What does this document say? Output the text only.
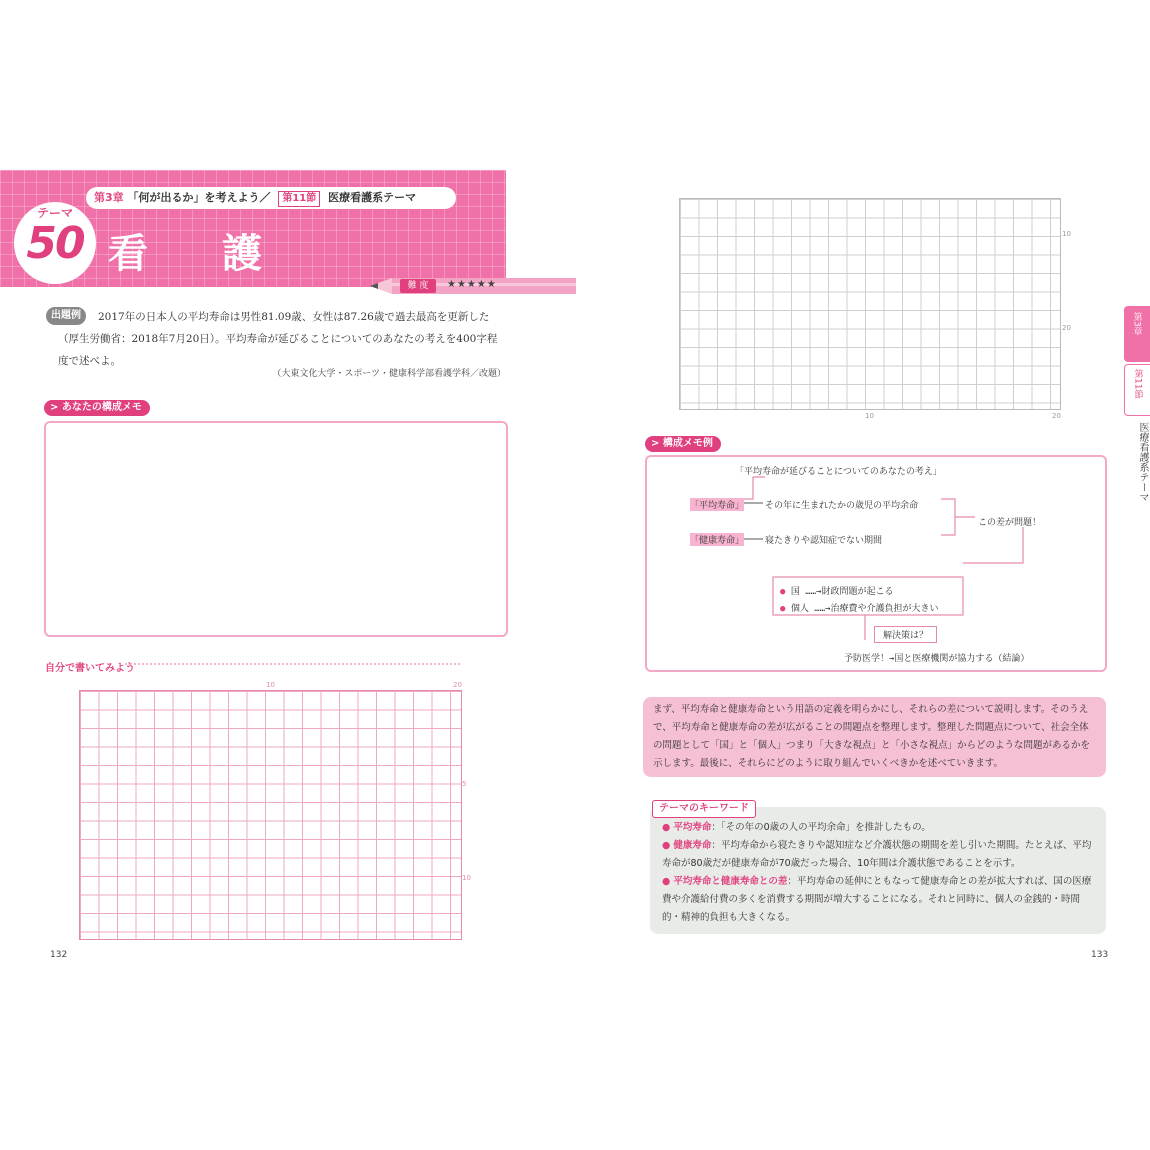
第3章 「何が出るか」を考えよう／ 第11節 医療看護系テーマ
テーマ
50 看 護
難 度	★★★★★
2017年の日本人の平均寿命は男性81.09歳、女性は87.26歳で過去最高を更新した（厚生労働省：2018年7月20日）。平均寿命が延びることについてのあなたの考えを400字程度で述べよ。
出題例
（大東文化大学・スポーツ・健康科学部看護学科／改題）
> あなたの構成メモ
自分で書いてみよう
10	20
5
10
132
10
20
10	20
第3章
第11節
医療看護系テーマ
> 構成メモ例
「平均寿命が延びることについてのあなたの考え」
「平均寿命」 その年に生まれたかの歳児の平均余命
「健康寿命」 寝たきりや認知症でない期間
この差が問題！
● 国 ……→財政問題が起こる
● 個人 ……→治療費や介護負担が大きい
解決策は？
予防医学！→国と医療機関が協力する（結論）
まず、平均寿命と健康寿命という用語の定義を明らかにし、それらの差について説明します。そのうえで、平均寿命と健康寿命の差が広がることの問題点を整理します。整理した問題点について、社会全体の問題として「国」と「個人」つまり「大きな視点」と「小さな視点」からどのような問題があるかを示します。最後に、それらにどのように取り組んでいくべきかを述べていきます。
● 平均寿命：「その年の0歳の人の平均余命」を推計したもの。
● 健康寿命：平均寿命から寝たきりや認知症など介護状態の期間を差し引いた期間。たとえば、平均寿命が80歳だが健康寿命が70歳だった場合、10年間は介護状態であることを示す。
● 平均寿命と健康寿命との差：平均寿命の延伸にともなって健康寿命との差が拡大すれば、国の医療費や介護給付費の多くを消費する期間が増大することになる。それと同時に、個人の金銭的・時間的・精神的負担も大きくなる。
テーマのキーワード
133
